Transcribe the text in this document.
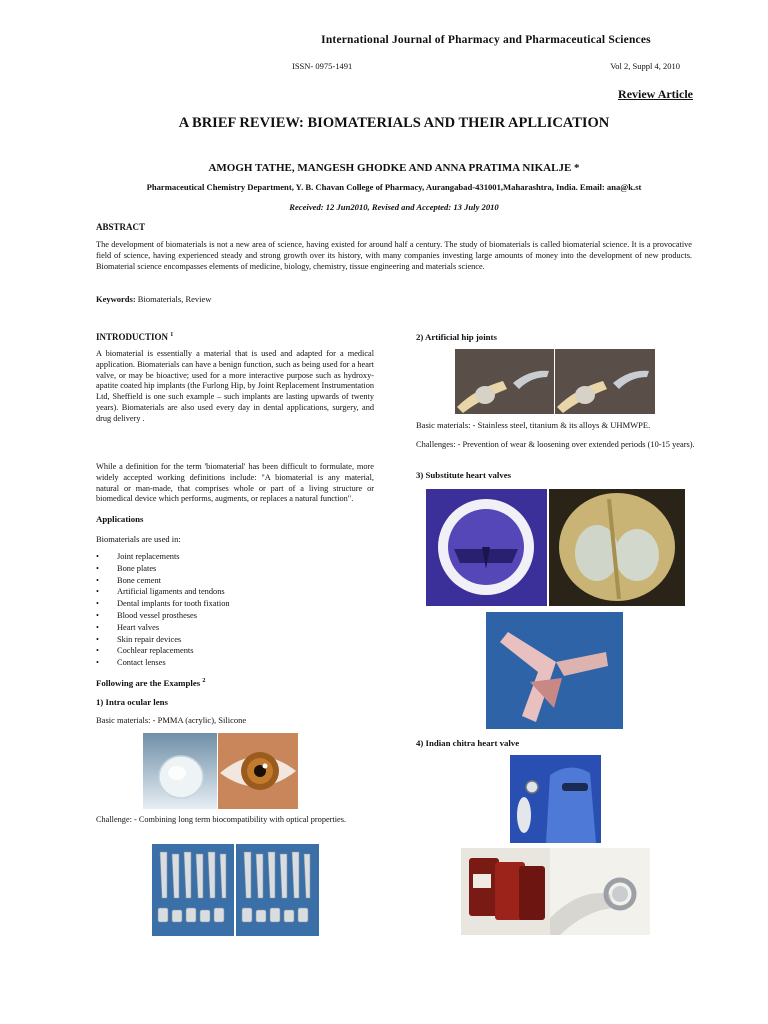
International Journal of Pharmacy and Pharmaceutical Sciences
ISSN- 0975-1491	Vol 2, Suppl 4, 2010
Review Article
A BRIEF REVIEW: BIOMATERIALS AND THEIR APLLICATION
AMOGH TATHE, MANGESH GHODKE AND ANNA PRATIMA NIKALJE *
Pharmaceutical Chemistry Department, Y. B. Chavan College of Pharmacy, Aurangabad-431001,Maharashtra, India. Email: ana@k.st
Received: 12 Jun2010, Revised and Accepted: 13 July 2010
ABSTRACT
The development of biomaterials is not a new area of science, having existed for around half a century. The study of biomaterials is called biomaterial science. It is a provocative field of science, having experienced steady and strong growth over its history, with many companies investing large amounts of money into the development of new products. Biomaterial science encompasses elements of medicine, biology, chemistry, tissue engineering and materials science.
Keywords: Biomaterials, Review
INTRODUCTION $^1$
A biomaterial is essentially a material that is used and adapted for a medical application. Biomaterials can have a benign function, such as being used for a heart valve, or may be bioactive; used for a more interactive purpose such as hydroxy-apatite coated hip implants (the Furlong Hip, by Joint Replacement Instrumentation Ltd, Sheffield is one such example – such implants are lasting upwards of twenty years). Biomaterials are also used every day in dental applications, surgery, and drug delivery .
While a definition for the term 'biomaterial' has been difficult to formulate, more widely accepted working definitions include: "A biomaterial is any material, natural or man-made, that comprises whole or part of a living structure or biomedical device which performs, augments, or replaces a natural function".
Applications
Biomaterials are used in:
• Joint replacements
• Bone plates
• Bone cement
• Artificial ligaments and tendons
• Dental implants for tooth fixation
• Blood vessel prostheses
• Heart valves
• Skin repair devices
• Cochlear replacements
• Contact lenses
Following are the Examples $^2$
1) Intra ocular lens
Basic materials: - PMMA (acrylic), Silicone
Challenge: - Combining long term biocompatibility with optical properties.
2) Artificial hip joints
Basic materials: - Stainless steel, titanium & its alloys & UHMWPE.
Challenges: - Prevention of wear & loosening over extended periods (10-15 years).
3) Substitute heart valves
4) Indian chitra heart valve
